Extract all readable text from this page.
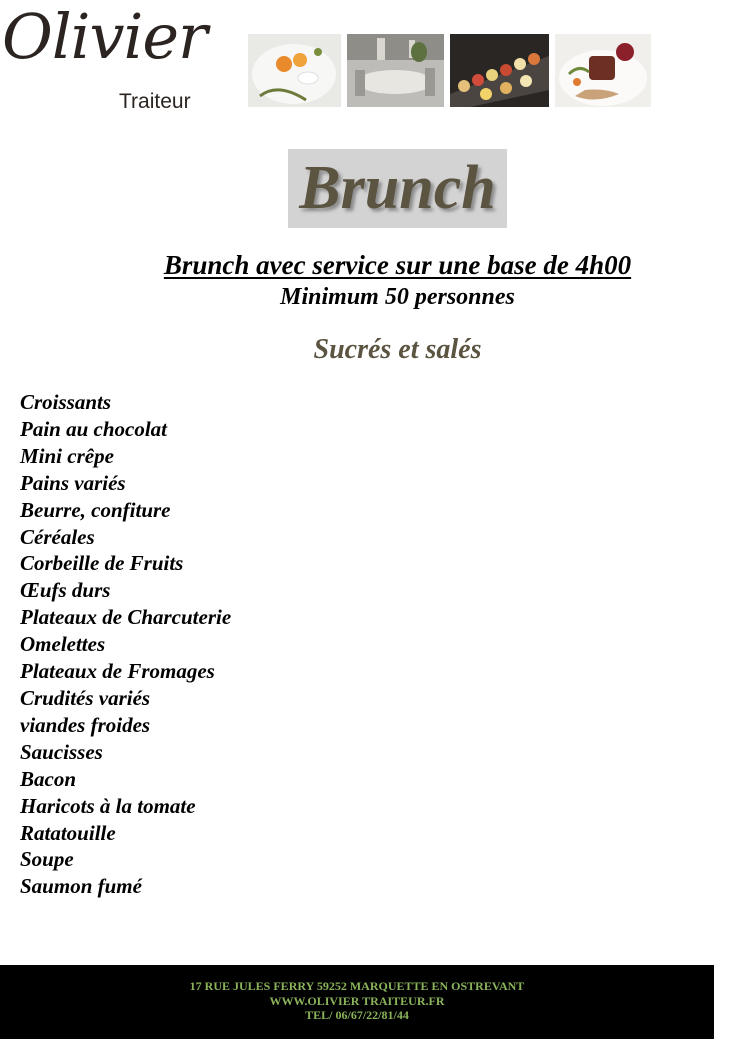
Olivier
Traiteur
Brunch
Brunch avec service sur une base de 4h00
Minimum 50 personnes
Sucrés et salés
Croissants
Pain au chocolat
Mini crêpe
Pains variés
Beurre, confiture
Céréales
Corbeille de Fruits
Œufs durs
Plateaux de Charcuterie
Omelettes
Plateaux de Fromages
Crudités variés
viandes froides
Saucisses
Bacon
Haricots à la tomate
Ratatouille
Soupe
Saumon fumé
17 RUE JULES FERRY 59252 MARQUETTE EN OSTREVANT
WWW.OLIVIER TRAITEUR.FR
TEL/ 06/67/22/81/44
